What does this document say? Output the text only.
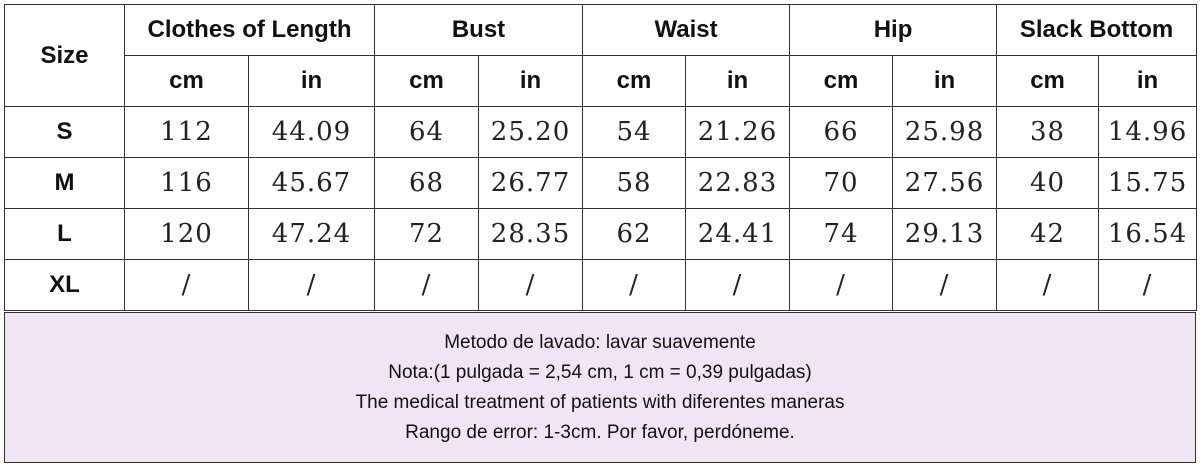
Size	Clothes of Length		Bust		Waist		Hip		Slack Bottom	
	cm	in	cm	in	cm	in	cm	in	cm	in
S	112	44.09	64	25.20	54	21.26	66	25.98	38	14.96
M	116	45.67	68	26.77	58	22.83	70	27.56	40	15.75
L	120	47.24	72	28.35	62	24.41	74	29.13	42	16.54
XL	/	/	/	/	/	/	/	/	/	/
Metodo de lavado: lavar suavemente
Nota:(1 pulgada = 2,54 cm, 1 cm = 0,39 pulgadas)
The medical treatment of patients with diferentes maneras
Rango de error: 1-3cm. Por favor, perdóneme.
